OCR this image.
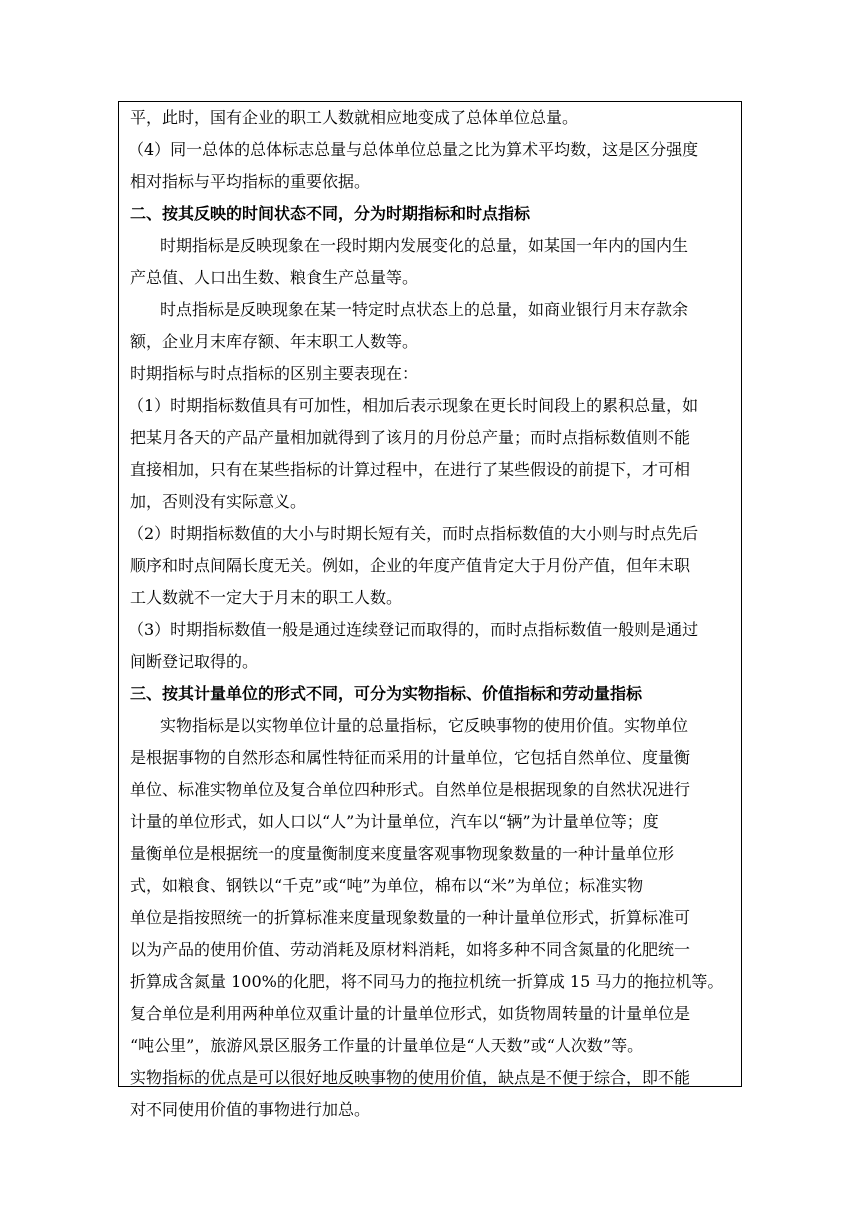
平，此时，国有企业的职工人数就相应地变成了总体单位总量。
（4）同一总体的总体标志总量与总体单位总量之比为算术平均数，这是区分强度
相对指标与平均指标的重要依据。
二、按其反映的时间状态不同，分为时期指标和时点指标
时期指标是反映现象在一段时期内发展变化的总量，如某国一年内的国内生
产总值、人口出生数、粮食生产总量等。
时点指标是反映现象在某一特定时点状态上的总量，如商业银行月末存款余
额，企业月末库存额、年末职工人数等。
时期指标与时点指标的区别主要表现在：
（1）时期指标数值具有可加性，相加后表示现象在更长时间段上的累积总量，如
把某月各天的产品产量相加就得到了该月的月份总产量；而时点指标数值则不能
直接相加，只有在某些指标的计算过程中，在进行了某些假设的前提下，才可相
加，否则没有实际意义。
（2）时期指标数值的大小与时期长短有关，而时点指标数值的大小则与时点先后
顺序和时点间隔长度无关。例如，企业的年度产值肯定大于月份产值，但年末职
工人数就不一定大于月末的职工人数。
（3）时期指标数值一般是通过连续登记而取得的，而时点指标数值一般则是通过
间断登记取得的。
三、按其计量单位的形式不同，可分为实物指标、价值指标和劳动量指标
实物指标是以实物单位计量的总量指标，它反映事物的使用价值。实物单位
是根据事物的自然形态和属性特征而采用的计量单位，它包括自然单位、度量衡
单位、标准实物单位及复合单位四种形式。自然单位是根据现象的自然状况进行
计量的单位形式，如人口以“人”为计量单位，汽车以“辆”为计量单位等；度
量衡单位是根据统一的度量衡制度来度量客观事物现象数量的一种计量单位形
式，如粮食、钢铁以“千克”或“吨”为单位，棉布以“米”为单位；标准实物
单位是指按照统一的折算标准来度量现象数量的一种计量单位形式，折算标准可
以为产品的使用价值、劳动消耗及原材料消耗，如将多种不同含氮量的化肥统一
折算成含氮量 100%的化肥，将不同马力的拖拉机统一折算成 15 马力的拖拉机等。
复合单位是利用两种单位双重计量的计量单位形式，如货物周转量的计量单位是
“吨公里”，旅游风景区服务工作量的计量单位是“人天数”或“人次数”等。
实物指标的优点是可以很好地反映事物的使用价值，缺点是不便于综合，即不能
对不同使用价值的事物进行加总。
